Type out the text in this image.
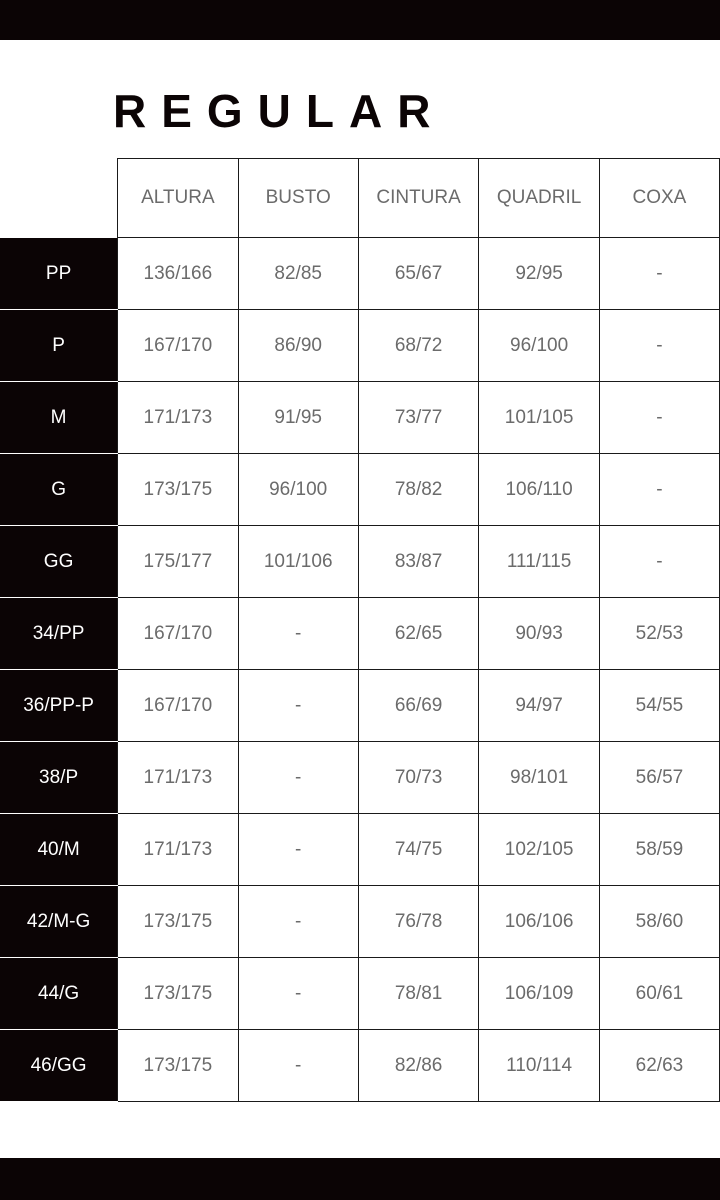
REGULAR
	ALTURA	BUSTO	CINTURA	QUADRIL	COXA
PP	136/166	82/85	65/67	92/95	-
P	167/170	86/90	68/72	96/100	-
M	171/173	91/95	73/77	101/105	-
G	173/175	96/100	78/82	106/110	-
GG	175/177	101/106	83/87	111/115	-
34/PP	167/170	-	62/65	90/93	52/53
36/PP-P	167/170	-	66/69	94/97	54/55
38/P	171/173	-	70/73	98/101	56/57
40/M	171/173	-	74/75	102/105	58/59
42/M-G	173/175	-	76/78	106/106	58/60
44/G	173/175	-	78/81	106/109	60/61
46/GG	173/175	-	82/86	110/114	62/63
